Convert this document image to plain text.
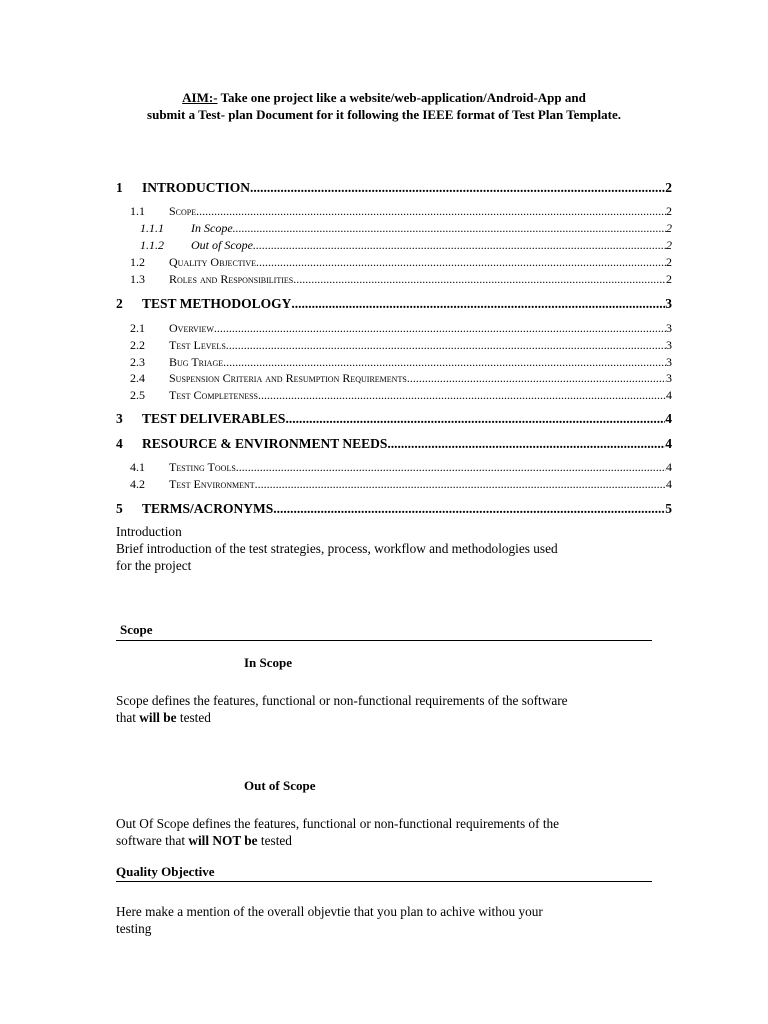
AIM:- Take one project like a website/web-application/Android-App and
submit a Test- plan Document for it following the IEEE format of Test Plan Template.
1	INTRODUCTION .....	2
1.1	Scope .....	2
1.1.1	In Scope .....	2
1.1.2	Out of Scope .....	2
1.2	Quality Objective .....	2
1.3	Roles and Responsibilities .....	2
2	TEST METHODOLOGY .....	3
2.1	Overview .....	3
2.2	Test Levels .....	3
2.3	Bug Triage .....	3
2.4	Suspension Criteria and Resumption Requirements .....	3
2.5	Test Completeness .....	4
3	TEST DELIVERABLES .....	4
4	RESOURCE & ENVIRONMENT NEEDS .....	4
4.1	Testing Tools .....	4
4.2	Test Environment .....	4
5	TERMS/ACRONYMS .....	5
Introduction
Brief introduction of the test strategies, process, workflow and methodologies used
for the project
Scope
In Scope
Scope defines the features, functional or non-functional requirements of the software
that will be tested
Out of Scope
Out Of Scope defines the features, functional or non-functional requirements of the
software that will NOT be tested
Quality Objective
Here make a mention of the overall objevtie that you plan to achive withou your
testing
